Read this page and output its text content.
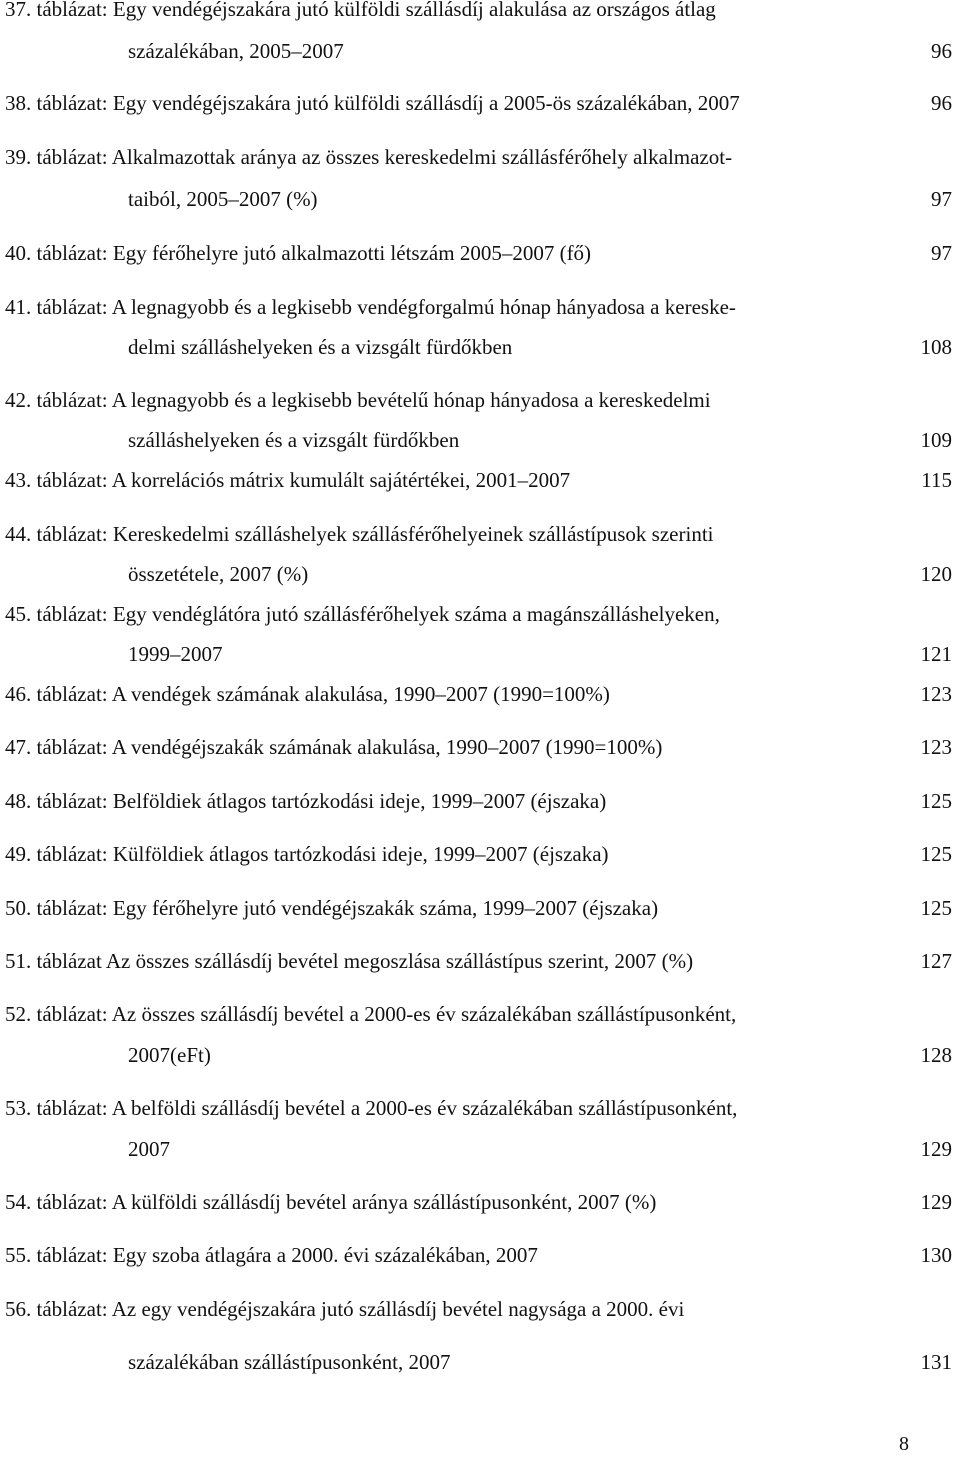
37. táblázat: Egy vendégéjszakára jutó külföldi szállásdíj alakulása az országos átlag
százalékában, 2005–2007	96
38. táblázat: Egy vendégéjszakára jutó külföldi szállásdíj a 2005-ös százalékában, 2007	96
39. táblázat: Alkalmazottak aránya az összes kereskedelmi szállásférőhely alkalmazot-
taiból, 2005–2007 (%)	97
40. táblázat: Egy férőhelyre jutó alkalmazotti létszám 2005–2007 (fő)	97
41. táblázat: A legnagyobb és a legkisebb vendégforgalmú hónap hányadosa a kereske-
delmi szálláshelyeken és a vizsgált fürdőkben	108
42. táblázat: A legnagyobb és a legkisebb bevételű hónap hányadosa a kereskedelmi
szálláshelyeken és a vizsgált fürdőkben	109
43. táblázat: A korrelációs mátrix kumulált sajátértékei, 2001–2007	115
44. táblázat: Kereskedelmi szálláshelyek szállásférőhelyeinek szállástípusok szerinti
összetétele, 2007 (%)	120
45. táblázat: Egy vendéglátóra jutó szállásférőhelyek száma a magánszálláshelyeken,
1999–2007	121
46. táblázat: A vendégek számának alakulása, 1990–2007 (1990=100%)	123
47. táblázat: A vendégéjszakák számának alakulása, 1990–2007 (1990=100%)	123
48. táblázat: Belföldiek átlagos tartózkodási ideje, 1999–2007 (éjszaka)	125
49. táblázat: Külföldiek átlagos tartózkodási ideje, 1999–2007 (éjszaka)	125
50. táblázat: Egy férőhelyre jutó vendégéjszakák száma, 1999–2007 (éjszaka)	125
51. táblázat Az összes szállásdíj bevétel megoszlása szállástípus szerint, 2007 (%)	127
52. táblázat: Az összes szállásdíj bevétel a 2000-es év százalékában szállástípusonként,
2007(eFt)	128
53. táblázat: A belföldi szállásdíj bevétel a 2000-es év százalékában szállástípusonként,
2007	129
54. táblázat: A külföldi szállásdíj bevétel aránya szállástípusonként, 2007 (%)	129
55. táblázat: Egy szoba átlagára a 2000. évi százalékában, 2007	130
56. táblázat: Az egy vendégéjszakára jutó szállásdíj bevétel nagysága a 2000. évi
százalékában szállástípusonként, 2007	131
8
